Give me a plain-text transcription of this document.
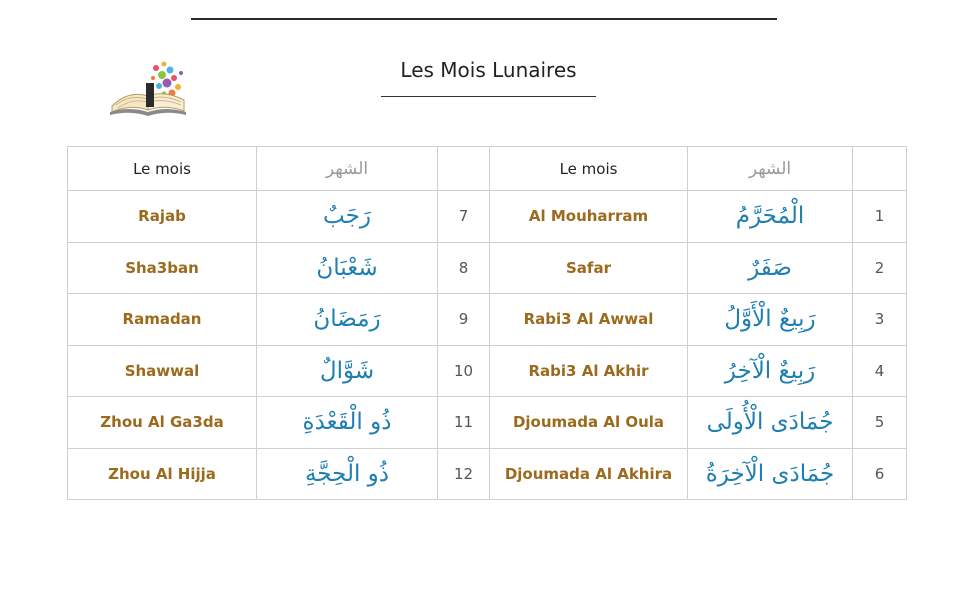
Les Mois Lunaires
Le mois	الشهر		Le mois	الشهر	
Rajab	رَجَبٌ	7	Al Mouharram	الْمُحَرَّمُ	1
Sha3ban	شَعْبَانُ	8	Safar	صَفَرٌ	2
Ramadan	رَمَضَانُ	9	Rabi3 Al Awwal	رَبِيعٌ الْأَوَّلُ	3
Shawwal	شَوَّالٌ	10	Rabi3 Al Akhir	رَبِيعٌ الْآخِرُ	4
Zhou Al Ga3da	ذُو الْقَعْدَةِ	11	Djoumada Al Oula	جُمَادَى الْأُولَى	5
Zhou Al Hijja	ذُو الْحِجَّةِ	12	Djoumada Al Akhira	جُمَادَى الْآخِرَةُ	6
